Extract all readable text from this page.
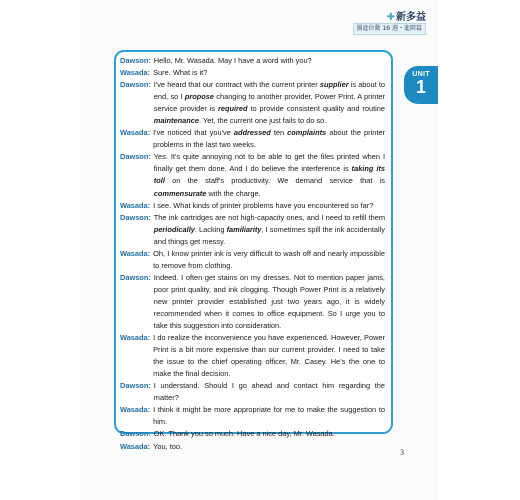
✚新多益
團進位動 16 週・進階篇
UNIT
1
Dawson: Hello, Mr. Wasada. May I have a word with you?
Wasada: Sure. What is it?
Dawson: I've heard that our contract with the current printer supplier is about to end, so I propose changing to another provider, Power Print. A printer service provider is required to provide consistent quality and routine maintenance. Yet, the current one just fails to do so.
Wasada: I've noticed that you've addressed ten complaints about the printer problems in the last two weeks.
Dawson: Yes. It's quite annoying not to be able to get the files printed when I finally get them done. And I do believe the interference is taking its toll on the staff's productivity. We demand service that is commensurate with the charge.
Wasada: I see. What kinds of printer problems have you encountered so far?
Dawson: The ink cartridges are not high-capacity ones, and I need to refill them periodically. Lacking familiarity, I sometimes spill the ink accidentally and things get messy.
Wasada: Oh, I know printer ink is very difficult to wash off and nearly impossible to remove from clothing.
Dawson: Indeed. I often get stains on my dresses. Not to mention paper jams, poor print quality, and ink clogging. Though Power Print is a relatively new printer provider established just two years ago, it is widely recommended when it comes to office equipment. So I urge you to take this suggestion into consideration.
Wasada: I do realize the inconvenience you have experienced. However, Power Print is a bit more expensive than our current provider. I need to take the issue to the chief operating officer, Mr. Casey. He's the one to make the final decision.
Dawson: I understand. Should I go ahead and contact him regarding the matter?
Wasada: I think it might be more appropriate for me to make the suggestion to him.
Dawson: OK. Thank you so much. Have a nice day, Mr. Wasada.
Wasada: You, too.
3
